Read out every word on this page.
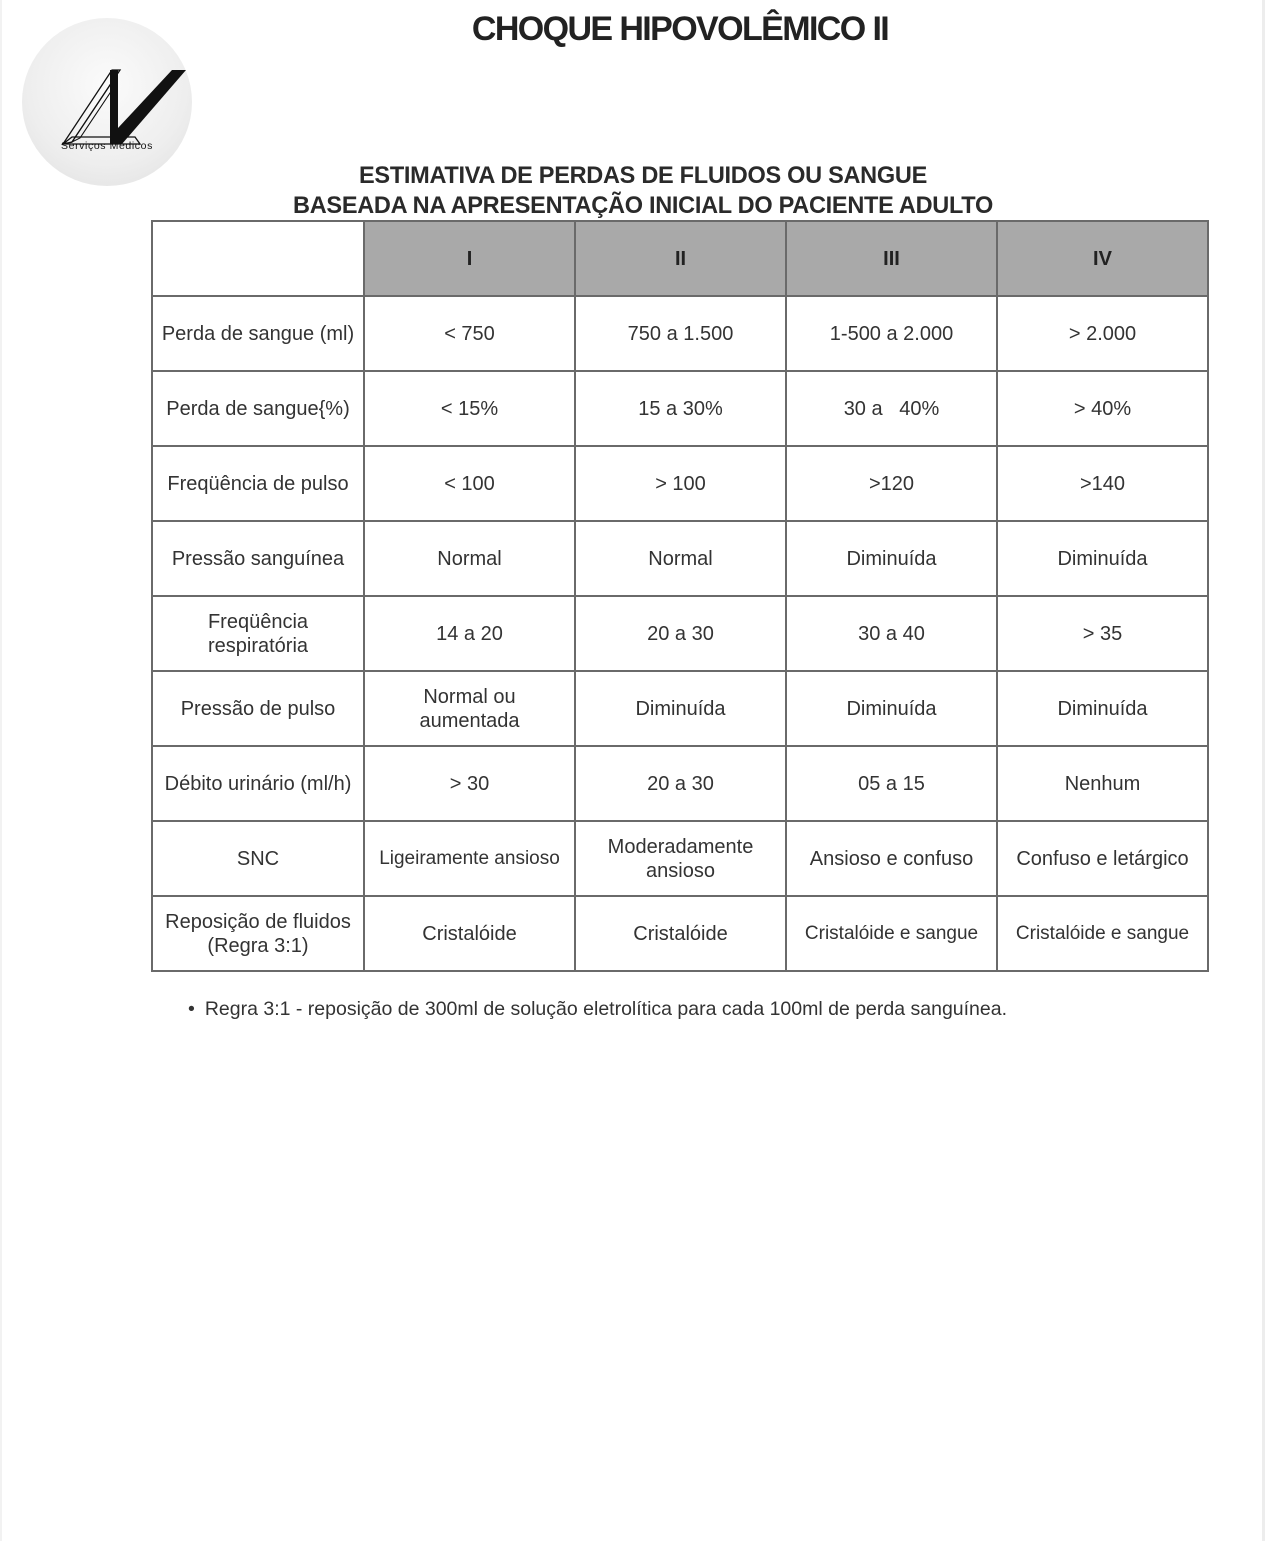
Serviços Médicos
CHOQUE HIPOVOLÊMICO II
ESTIMATIVA DE PERDAS DE FLUIDOS OU SANGUE
BASEADA NA APRESENTAÇÃO INICIAL DO PACIENTE ADULTO
	I	II	III	IV
Perda de sangue (ml)	< 750	750 a 1.500	1-500 a 2.000	> 2.000
Perda de sangue{%)	< 15%	15 a 30%	30 a   40%	> 40%
Freqüência de pulso	< 100	> 100	>120	>140
Pressão sanguínea	Normal	Normal	Diminuída	Diminuída
Freqüência respiratória	14 a 20	20 a 30	30 a 40	> 35
Pressão de pulso	Normal ou aumentada	Diminuída	Diminuída	Diminuída
Débito urinário (ml/h)	> 30	20 a 30	05 a 15	Nenhum
SNC	Ligeiramente ansioso	Moderadamente ansioso	Ansioso e confuso	Confuso e letárgico
Reposição de fluidos (Regra 3:1)	Cristalóide	Cristalóide	Cristalóide e sangue	Cristalóide e sangue
• Regra 3:1 - reposição de 300ml de solução eletrolítica para cada 100ml de perda sanguínea.
